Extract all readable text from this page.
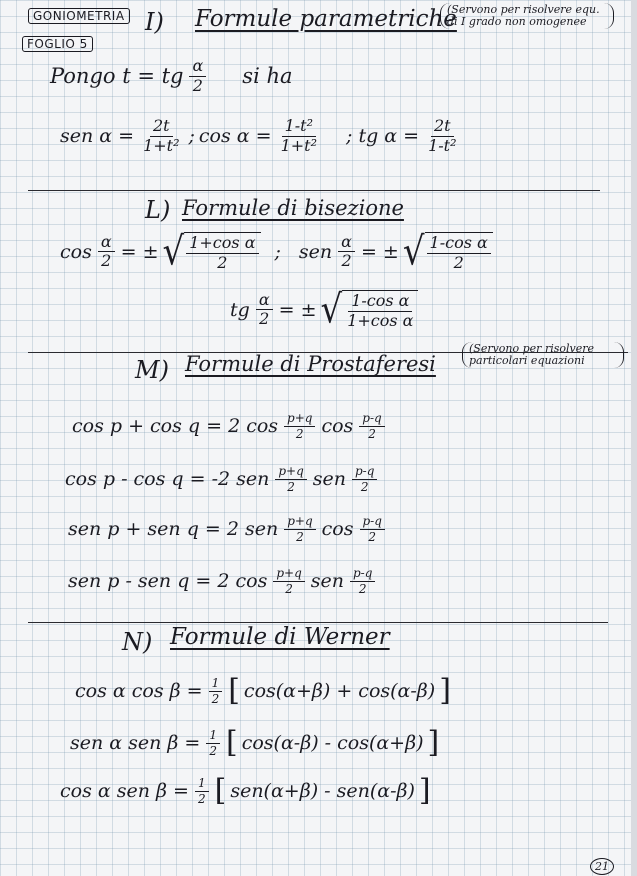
GONIOMETRIA
FOGLIO 5
I) Formule parametriche
(Servono per risolvere equ. di I grado non omogenee
Pongo t = tg $\frac{\alpha}{2}$ si ha
sen $\alpha = \frac{2t}{\text{1+t²}}$ ; $\cos \alpha = \frac{\text{1-t²}}{\text{1+t²}}$ ; tg $\alpha = \frac{2t}{\text{1-t²}}$
L) Formule di bisezione
$\cos \frac{\alpha}{2}$ = ± √ $\frac{\text{1+cos α}}{2}$ ; sen $\frac{\alpha}{2}$ = ± √ $\frac{\text{1-cos α}}{2}$
tg $\frac{\alpha}{2}$ = ± √ $\frac{\text{1-cos α}}{\text{1+cos α}}$
M) Formule di Prostaferesi
(Servono per risolvere particolari equazioni
cos p + cos q = 2 $\cos \frac{p+q}{2}$ $\cos \frac{p-q}{2}$
cos p - cos q = -2 sen $\frac{p+q}{2}$ sen $\frac{p-q}{2}$
sen p + sen q = 2 sen $\frac{p+q}{2}$ $\cos \frac{p-q}{2}$
sen p - sen q = 2 $\cos \frac{p+q}{2}$ sen $\frac{p-q}{2}$
N) Formule di Werner
cos α $\cos \beta = \frac{1}{2}$ [ cos(α+β) + cos(α-β) ]
sen α sen $\beta = \frac{1}{2}$ [ cos(α-β) - cos(α+β) ]
cos α sen $\beta = \frac{1}{2}$ [ sen(α+β) - sen(α-β) ]
21
